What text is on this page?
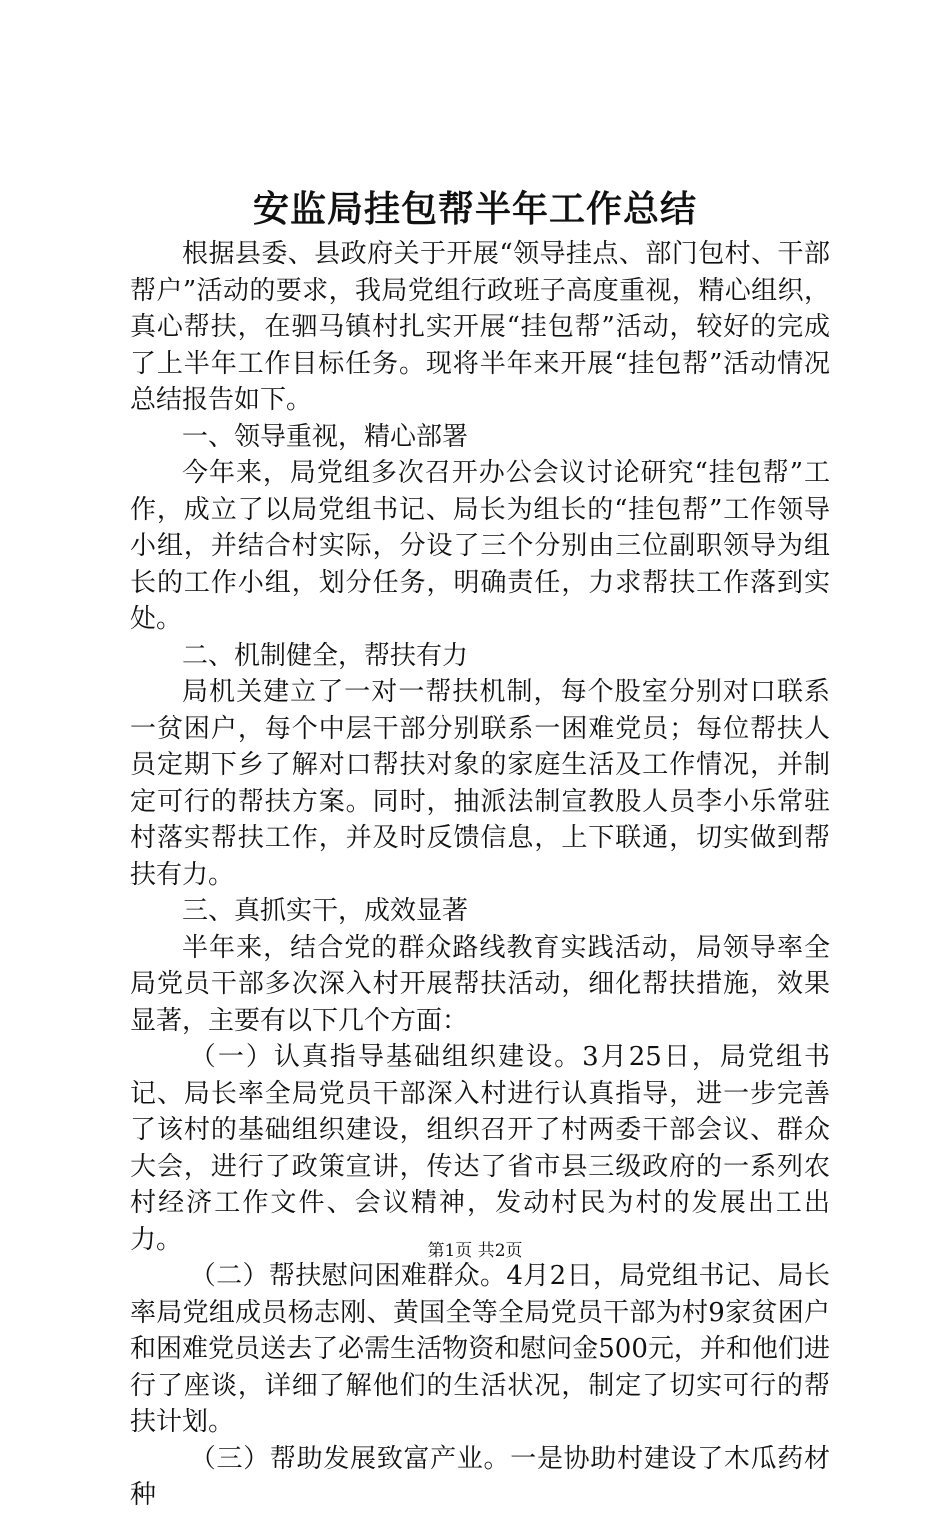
安监局挂包帮半年工作总结

根据县委、县政府关于开展“领导挂点、部门包村、干部帮户”活动的要求，我局党组行政班子高度重视，精心组织，真心帮扶，在驷马镇村扎实开展“挂包帮”活动，较好的完成了上半年工作目标任务。现将半年来开展“挂包帮”活动情况总结报告如下。

一、领导重视，精心部署

今年来，局党组多次召开办公会议讨论研究“挂包帮”工作，成立了以局党组书记、局长为组长的“挂包帮”工作领导小组，并结合村实际，分设了三个分别由三位副职领导为组长的工作小组，划分任务，明确责任，力求帮扶工作落到实处。

二、机制健全，帮扶有力

局机关建立了一对一帮扶机制，每个股室分别对口联系一贫困户，每个中层干部分别联系一困难党员；每位帮扶人员定期下乡了解对口帮扶对象的家庭生活及工作情况，并制定可行的帮扶方案。同时，抽派法制宣教股人员李小乐常驻村落实帮扶工作，并及时反馈信息，上下联通，切实做到帮扶有力。

三、真抓实干，成效显著

半年来，结合党的群众路线教育实践活动，局领导率全局党员干部多次深入村开展帮扶活动，细化帮扶措施，效果显著，主要有以下几个方面：

（一）认真指导基础组织建设。3月25日，局党组书记、局长率全局党员干部深入村进行认真指导，进一步完善了该村的基础组织建设，组织召开了村两委干部会议、群众大会，进行了政策宣讲，传达了省市县三级政府的一系列农村经济工作文件、会议精神，发动村民为村的发展出工出力。

（二）帮扶慰问困难群众。4月2日，局党组书记、局长率局党组成员杨志刚、黄国全等全局党员干部为村9家贫困户和困难党员送去了必需生活物资和慰问金500元，并和他们进行了座谈，详细了解他们的生活状况，制定了切实可行的帮扶计划。

（三）帮助发展致富产业。一是协助村建设了木瓜药材种

第1页 共2页
